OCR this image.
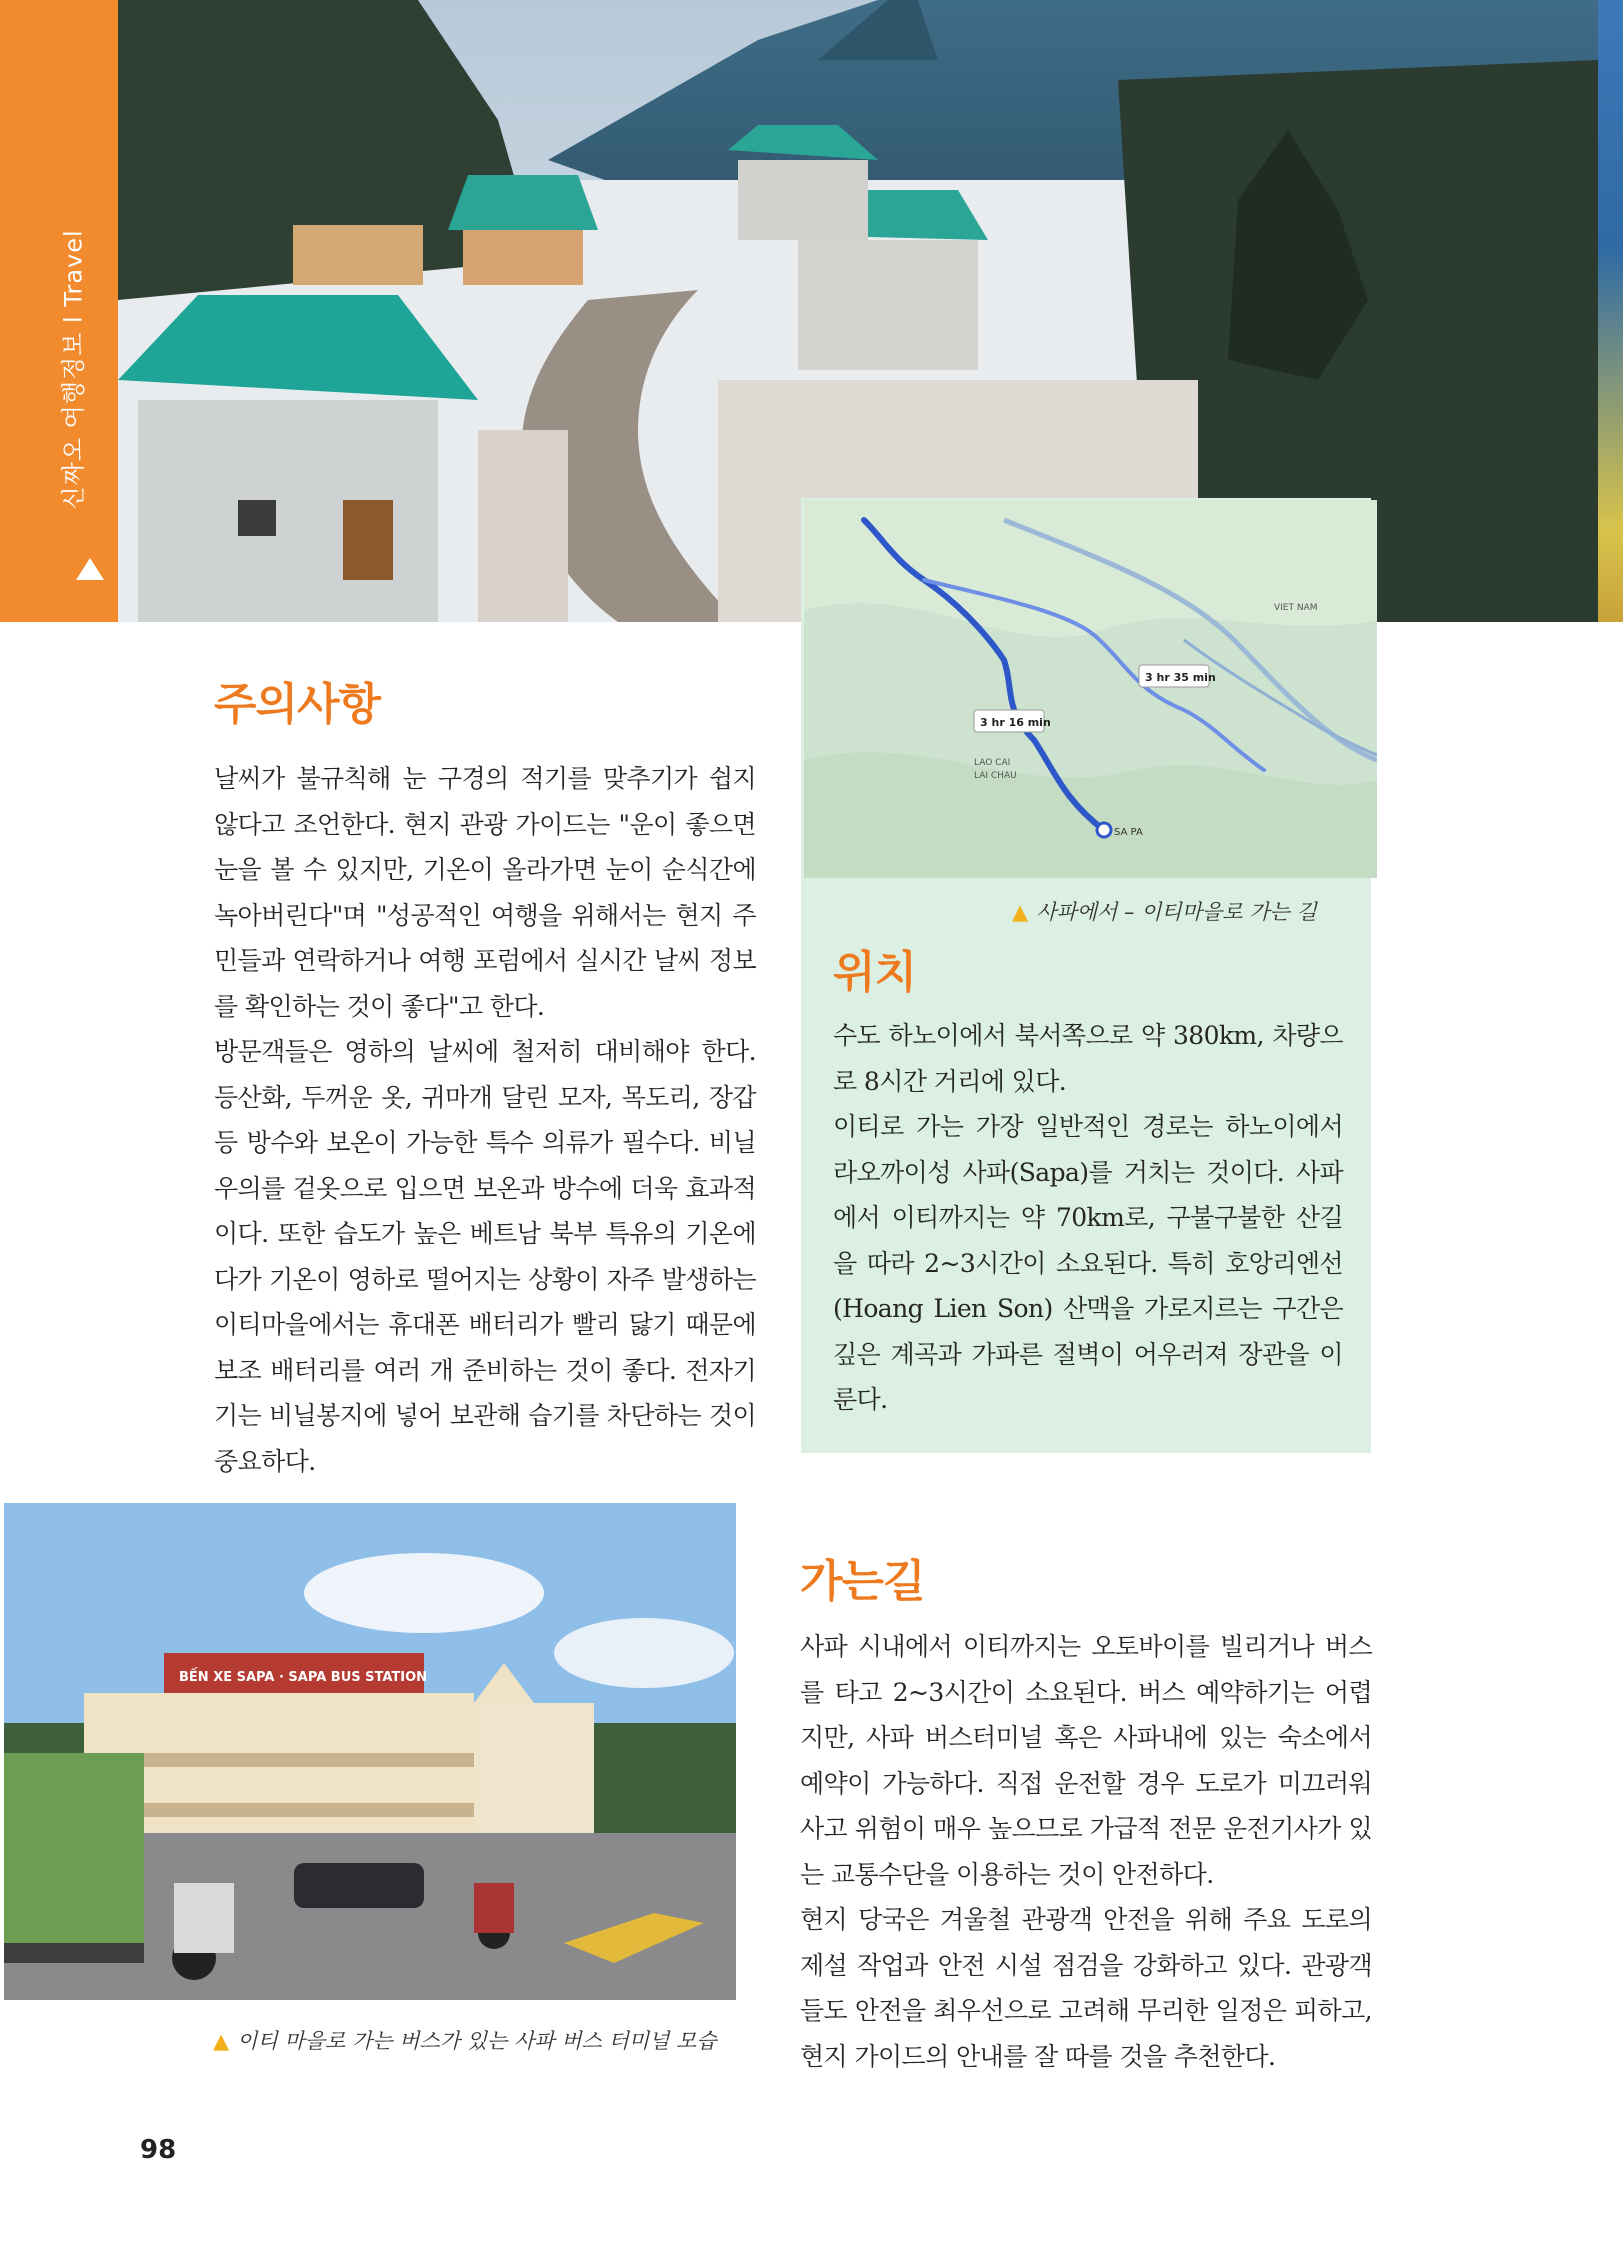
신짜오 여행정보 l Travel
3 hr 35 min
3 hr 16 min
SA PA
LAO CAI
LAI CHAU
VIET NAM
▲ 사파에서 – 이티마을로 가는 길
주의사항

날씨가 불규칙해 눈 구경의 적기를 맞추기가 쉽지 않다고 조언한다. 현지 관광 가이드는 "운이 좋으면 눈을 볼 수 있지만, 기온이 올라가면 눈이 순식간에 녹아버린다"며 "성공적인 여행을 위해서는 현지 주민들과 연락하거나 여행 포럼에서 실시간 날씨 정보를 확인하는 것이 좋다"고 한다.

방문객들은 영하의 날씨에 철저히 대비해야 한다. 등산화, 두꺼운 옷, 귀마개 달린 모자, 목도리, 장갑 등 방수와 보온이 가능한 특수 의류가 필수다. 비닐우의를 겉옷으로 입으면 보온과 방수에 더욱 효과적이다. 또한 습도가 높은 베트남 북부 특유의 기온에다가 기온이 영하로 떨어지는 상황이 자주 발생하는 이티마을에서는 휴대폰 배터리가 빨리 닳기 때문에 보조 배터리를 여러 개 준비하는 것이 좋다. 전자기기는 비닐봉지에 넣어 보관해 습기를 차단하는 것이 중요하다.

위치

수도 하노이에서 북서쪽으로 약 380km, 차량으로 8시간 거리에 있다.

이티로 가는 가장 일반적인 경로는 하노이에서 라오까이성 사파(Sapa)를 거치는 것이다. 사파에서 이티까지는 약 70km로, 구불구불한 산길을 따라 2~3시간이 소요된다. 특히 호앙리엔선(Hoang Lien Son) 산맥을 가로지르는 구간은 깊은 계곡과 가파른 절벽이 어우러져 장관을 이룬다.

BẾN XE SAPA · SAPA BUS STATION
▲ 이티 마을로 가는 버스가 있는 사파 버스 터미널 모습
가는길

사파 시내에서 이티까지는 오토바이를 빌리거나 버스를 타고 2~3시간이 소요된다. 버스 예약하기는 어렵지만, 사파 버스터미널 혹은 사파내에 있는 숙소에서 예약이 가능하다. 직접 운전할 경우 도로가 미끄러워 사고 위험이 매우 높으므로 가급적 전문 운전기사가 있는 교통수단을 이용하는 것이 안전하다.

현지 당국은 겨울철 관광객 안전을 위해 주요 도로의 제설 작업과 안전 시설 점검을 강화하고 있다. 관광객들도 안전을 최우선으로 고려해 무리한 일정은 피하고, 현지 가이드의 안내를 잘 따를 것을 추천한다.

98
